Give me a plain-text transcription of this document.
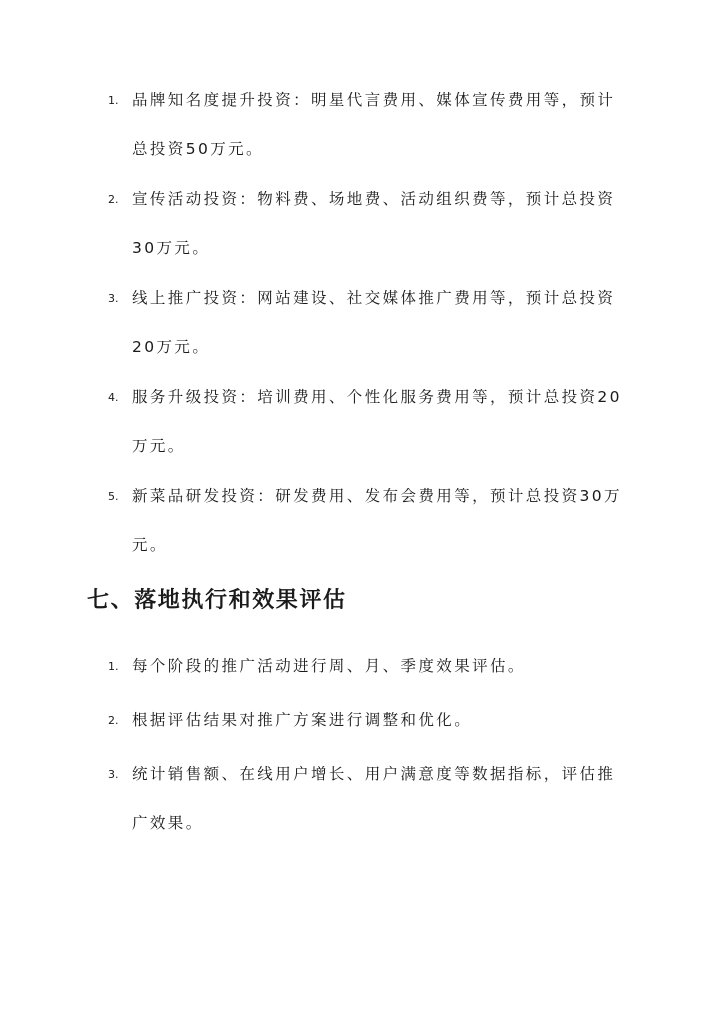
1. 品牌知名度提升投资：明星代言费用、媒体宣传费用等，预计总投资50万元。
2. 宣传活动投资：物料费、场地费、活动组织费等，预计总投资30万元。
3. 线上推广投资：网站建设、社交媒体推广费用等，预计总投资20万元。
4. 服务升级投资：培训费用、个性化服务费用等，预计总投资20万元。
5. 新菜品研发投资：研发费用、发布会费用等，预计总投资30万元。
七、落地执行和效果评估
1. 每个阶段的推广活动进行周、月、季度效果评估。
2. 根据评估结果对推广方案进行调整和优化。
3. 统计销售额、在线用户增长、用户满意度等数据指标，评估推广效果。
